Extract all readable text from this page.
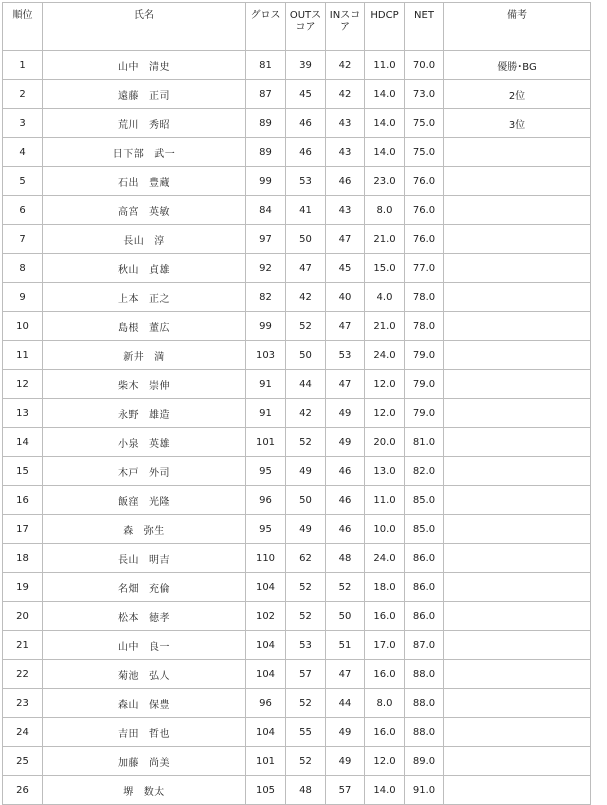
順位	氏名	グロス	OUTスコア	INスコア	HDCP	NET	備考
1	山中 清史	81	39	42	11.0	70.0	優勝･BG
2	遠藤 正司	87	45	42	14.0	73.0	2位
3	荒川 秀昭	89	46	43	14.0	75.0	3位
4	日下部 武一	89	46	43	14.0	75.0	
5	石出 豊蔵	99	53	46	23.0	76.0	
6	高宮 英敏	84	41	43	8.0	76.0	
7	長山 淳	97	50	47	21.0	76.0	
8	秋山 貞雄	92	47	45	15.0	77.0	
9	上本 正之	82	42	40	4.0	78.0	
10	島根 董広	99	52	47	21.0	78.0	
11	新井 満	103	50	53	24.0	79.0	
12	柴木 崇伸	91	44	47	12.0	79.0	
13	永野 雄造	91	42	49	12.0	79.0	
14	小泉 英雄	101	52	49	20.0	81.0	
15	木戸 外司	95	49	46	13.0	82.0	
16	飯窪 光隆	96	50	46	11.0	85.0	
17	森 弥生	95	49	46	10.0	85.0	
18	長山 明吉	110	62	48	24.0	86.0	
19	名畑 充倫	104	52	52	18.0	86.0	
20	松本 徳孝	102	52	50	16.0	86.0	
21	山中 良一	104	53	51	17.0	87.0	
22	菊池 弘人	104	57	47	16.0	88.0	
23	森山 保豊	96	52	44	8.0	88.0	
24	吉田 哲也	104	55	49	16.0	88.0	
25	加藤 尚美	101	52	49	12.0	89.0	
26	堺 数太	105	48	57	14.0	91.0	
